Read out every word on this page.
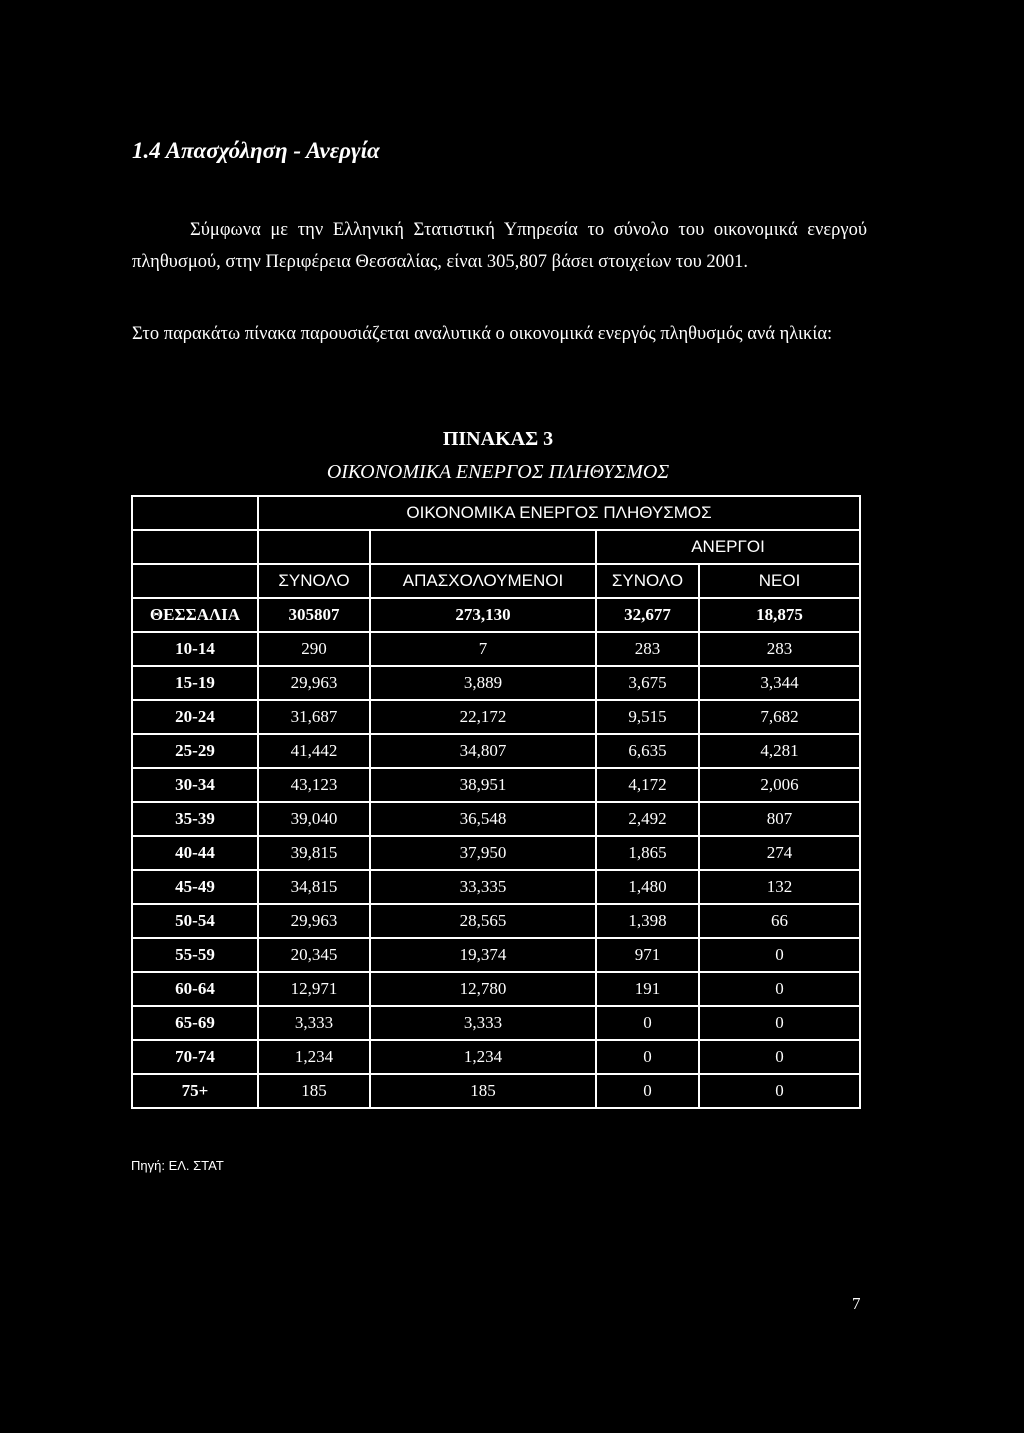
1.4 Απασχόληση - Ανεργία
Σύμφωνα με την Ελληνική Στατιστική Υπηρεσία το σύνολο του οικονομικά ενεργού πληθυσμού, στην Περιφέρεια Θεσσαλίας, είναι 305,807 βάσει στοιχείων του 2001.
Στο παρακάτω πίνακα παρουσιάζεται αναλυτικά ο οικονομικά ενεργός πληθυσμός ανά ηλικία:
ΠΙΝΑΚΑΣ 3
ΟΙΚΟΝΟΜΙΚΑ ΕΝΕΡΓΟΣ ΠΛΗΘΥΣΜΟΣ
	ΟΙΚΟΝΟΜΙΚΑ ΕΝΕΡΓΟΣ ΠΛΗΘΥΣΜΟΣ			
			ΑΝΕΡΓΟΙ	
	ΣΥΝΟΛΟ	ΑΠΑΣΧΟΛΟΥΜΕΝΟΙ	ΣΥΝΟΛΟ	ΝΕΟΙ
ΘΕΣΣΑΛΙΑ	305807	273,130	32,677	18,875
10-14	290	7	283	283
15-19	29,963	3,889	3,675	3,344
20-24	31,687	22,172	9,515	7,682
25-29	41,442	34,807	6,635	4,281
30-34	43,123	38,951	4,172	2,006
35-39	39,040	36,548	2,492	807
40-44	39,815	37,950	1,865	274
45-49	34,815	33,335	1,480	132
50-54	29,963	28,565	1,398	66
55-59	20,345	19,374	971	0
60-64	12,971	12,780	191	0
65-69	3,333	3,333	0	0
70-74	1,234	1,234	0	0
75+	185	185	0	0
Πηγή: ΕΛ. ΣΤΑΤ
7
